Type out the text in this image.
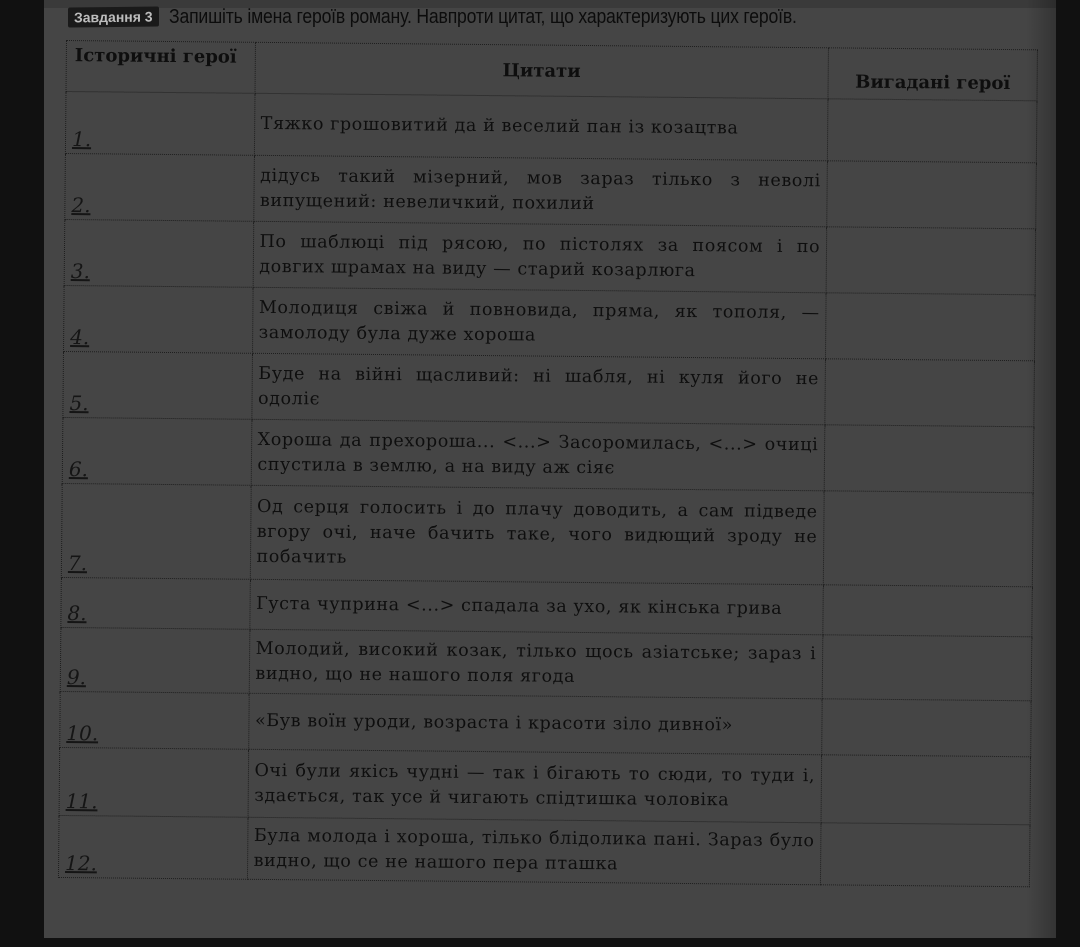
Завдання 3 Запишіть імена героїв роману. Навпроти цитат, що характеризують цих героїв.
Історичні герої	Цитати	Вигадані герої
1.	Тяжко грошовитий да й веселий пан із козацтва	
2.	дідусь такий мізерний, мов зараз тілько з неволі випущений: невеличкий, похилий	
3.	По шаблюці під рясою, по пістолях за поясом і по довгих шрамах на виду — старий козарлюга	
4.	Молодиця свіжа й повновида, пряма, як тополя, — замолоду була дуже хороша	
5.	Буде на війні щасливий: ні шабля, ні куля його не одоліє	
6.	Хороша да прехороша... <...> Засоромилась, <...> очиці спустила в землю, а на виду аж сіяє	
7.	Од серця голосить і до плачу доводить, а сам підведе вгору очі, наче бачить таке, чого видющий зроду не побачить	
8.	Густа чуприна <...> спадала за ухо, як кінська грива	
9.	Молодий, високий козак, тілько щось азіатське; зараз і видно, що не нашого поля ягода	
10.	«Був воїн уроди, возраста і красоти зіло дивної»	
11.	Очі були якісь чудні — так і бігають то сюди, то туди і, здається, так усе й чигають спідтишка чоловіка	
12.	Була молода і хороша, тілько блідолика пані. Зараз було видно, що се не нашого пера пташка	
